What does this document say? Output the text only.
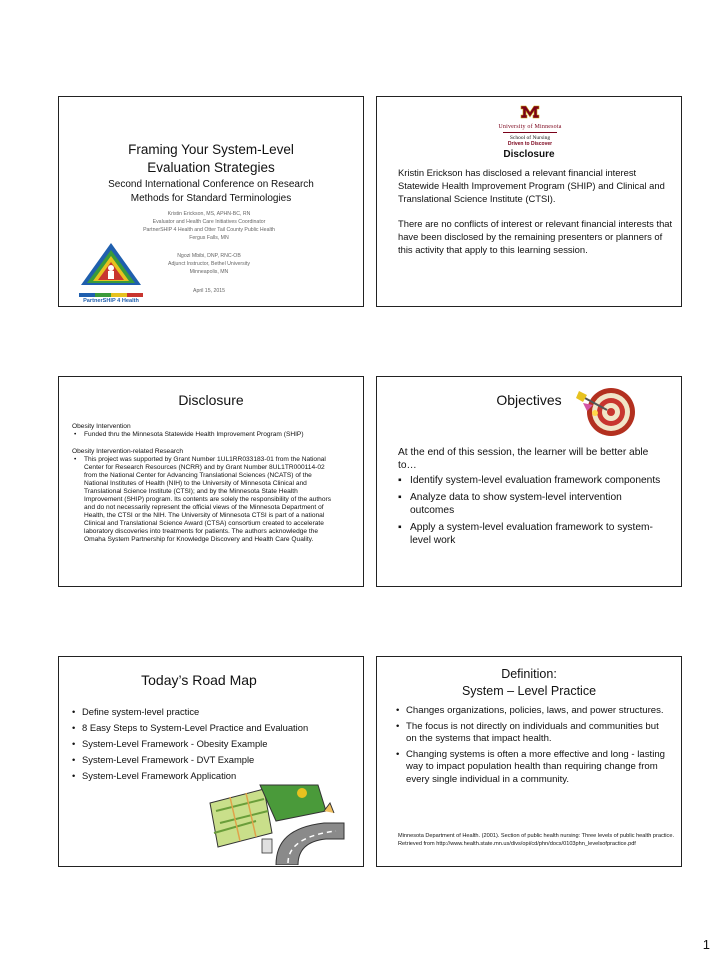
Framing Your System-Level
Evaluation Strategies
Second International Conference on Research
Methods for Standard Terminologies
Kristin Erickson, MS, APHN-BC, RN
Evaluator and Health Care Initiatives Coordinator
PartnerSHIP 4 Health and Otter Tail County Public Health
Fergus Falls, MN
Ngozi Mbibi, DNP, RNC-OB
Adjunct Instructor, Bethel University
Minneapolis, MN
April 15, 2015
Becker	Clay	Otter Tail	Wilkin
PartnerSHIP 4 Health
University of Minnesota
School of Nursing
Driven to Discover
Disclosure
Kristin Erickson has disclosed a relevant financial interest Statewide Health Improvement Program (SHIP) and Clinical and Translational Science Institute (CTSI).
There are no conflicts of interest or relevant financial interests that have been disclosed by the remaining presenters or planners of this activity that apply to this learning session.
Disclosure
Obesity Intervention
• Funded thru the Minnesota Statewide Health Improvement Program (SHIP)
Obesity Intervention-related Research
• This project was supported by Grant Number 1UL1RR033183-01 from the National Center for Research Resources (NCRR) and by Grant Number 8UL1TR000114-02 from the National Center for Advancing Translational Sciences (NCATS) of the National Institutes of Health (NIH) to the University of Minnesota Clinical and Translational Science Institute (CTSI); and by the Minnesota State Health Improvement (SHIP) program. Its contents are solely the responsibility of the authors and do not necessarily represent the official views of the Minnesota Department of Health, the CTSI or the NIH. The University of Minnesota CTSI is part of a national Clinical and Translational Science Award (CTSA) consortium created to accelerate laboratory discoveries into treatments for patients. The authors acknowledge the Omaha System Partnership for Knowledge Discovery and Health Care Quality.
Objectives
At the end of this session, the learner will be better able to…
▪ Identify system-level evaluation framework components
▪ Analyze data to show system-level intervention outcomes
▪ Apply a system-level evaluation framework to system-level work
Today’s Road Map
• Define system-level practice
• 8 Easy Steps to System-Level Practice and Evaluation
• System-Level Framework - Obesity Example
• System-Level Framework - DVT Example
• System-Level Framework Application
Definition:
System – Level Practice
• Changes organizations, policies, laws, and power structures.
• The focus is not directly on individuals and communities but on the systems that impact health.
• Changing systems is often a more effective and long - lasting way to impact population health than requiring change from every single individual in a community.
Minnesota Department of Health. (2001). Section of public health nursing: Three levels of public health practice. Retrieved from http://www.health.state.mn.us/divs/opi/cd/phn/docs/0103phn_levelsofpractice.pdf
1
